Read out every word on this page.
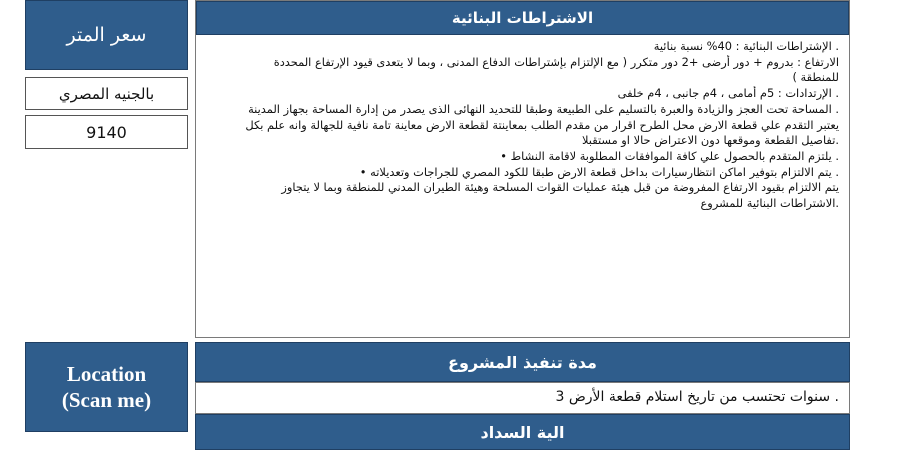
سعر المتر
بالجنيه المصري
9140
Location
(Scan me)
الاشتراطات البنائية
. الإشتراطات البنائية : 40% نسبة بنائية
الارتفاع : بدروم + دور أرضى +2 دور متكرر ( مع الإلتزام بإشتراطات الدفاع المدنى ، وبما لا يتعدى قيود الإرتفاع المحددة
للمنطقة )
. الإرتدادات : 5م أمامى ، 4م جانبى ، 4م خلفى
. المساحة تحت العجز والزيادة والعبرة بالتسليم على الطبيعة وطبقا للتحديد النهائى الذى يصدر من إدارة المساحة بجهاز المدينة
يعتبر التقدم علي قطعة الارض محل الطرح اقرار من مقدم الطلب بمعاينتة لقطعة الارض معاينة تامة نافية للجهالة وانه علم بكل
.تفاصيل القطعة وموقعها دون الاعتراض حالا او مستقبلا
. يلتزم المتقدم بالحصول علي كافة الموافقات المطلوبة لاقامة النشاط •
. يتم الالتزام بتوفير اماكن انتظارسيارات بداخل قطعة الارض طبقا للكود المصري للجراجات وتعديلاته •
يتم الالتزام بقيود الارتفاع المفروضة من قبل هيئة عمليات القوات المسلحة وهيئة الطيران المدني للمنطقة وبما لا يتجاوز
.الاشتراطات البنائية للمشروع
مدة تنفيذ المشروع
. سنوات تحتسب من تاريخ استلام قطعة الأرض 3
الية السداد
